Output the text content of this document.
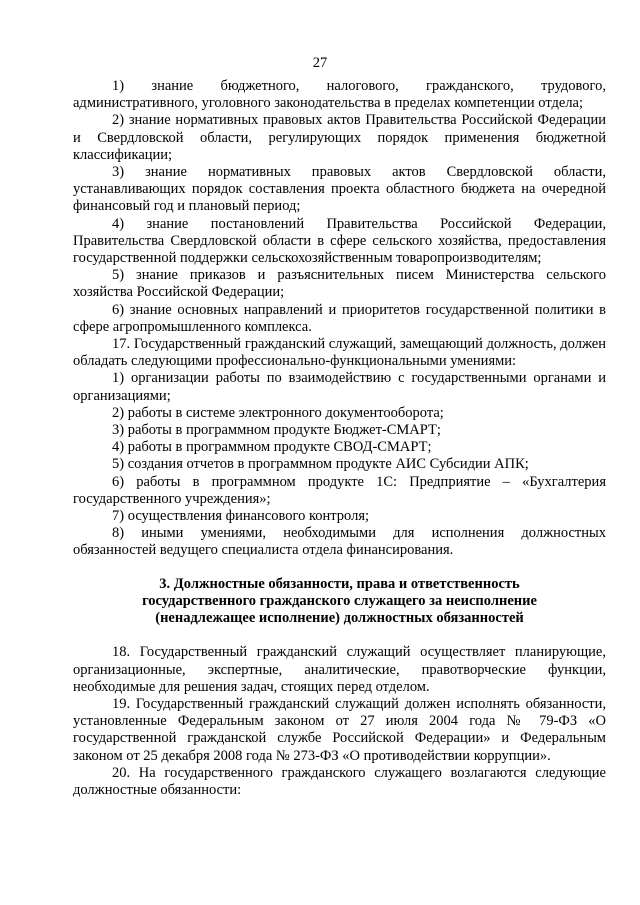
27

1) знание бюджетного, налогового, гражданского, трудового, административного, уголовного законодательства в пределах компетенции отдела;

2) знание нормативных правовых актов Правительства Российской Федерации и Свердловской области, регулирующих порядок применения бюджетной классификации;

3) знание нормативных правовых актов Свердловской области, устанавливающих порядок составления проекта областного бюджета на очередной финансовый год и плановый период;

4) знание постановлений Правительства Российской Федерации, Правительства Свердловской области в сфере сельского хозяйства, предоставления государственной поддержки сельскохозяйственным товаропроизводителям;

5) знание приказов и разъяснительных писем Министерства сельского хозяйства Российской Федерации;

6) знание основных направлений и приоритетов государственной политики в сфере агропромышленного комплекса.

17. Государственный гражданский служащий, замещающий должность, должен обладать следующими профессионально-функциональными умениями:

1) организации работы по взаимодействию с государственными органами и организациями;

2) работы в системе электронного документооборота;

3) работы в программном продукте Бюджет-СМАРТ;

4) работы в программном продукте СВОД-СМАРТ;

5) создания отчетов в программном продукте АИС Субсидии АПК;

6) работы в программном продукте 1С: Предприятие – «Бухгалтерия государственного учреждения»;

7) осуществления финансового контроля;

8) иными умениями, необходимыми для исполнения должностных обязанностей ведущего специалиста отдела финансирования.

3. Должностные обязанности, права и ответственность
государственного гражданского служащего за неисполнение
(ненадлежащее исполнение) должностных обязанностей

18. Государственный гражданский служащий осуществляет планирующие, организационные, экспертные, аналитические, правотворческие функции, необходимые для решения задач, стоящих перед отделом.

19. Государственный гражданский служащий должен исполнять обязанности, установленные Федеральным законом от 27 июля 2004 года № 79-ФЗ «О государственной гражданской службе Российской Федерации» и Федеральным законом от 25 декабря 2008 года № 273-ФЗ «О противодействии коррупции».

20. На государственного гражданского служащего возлагаются следующие должностные обязанности:
